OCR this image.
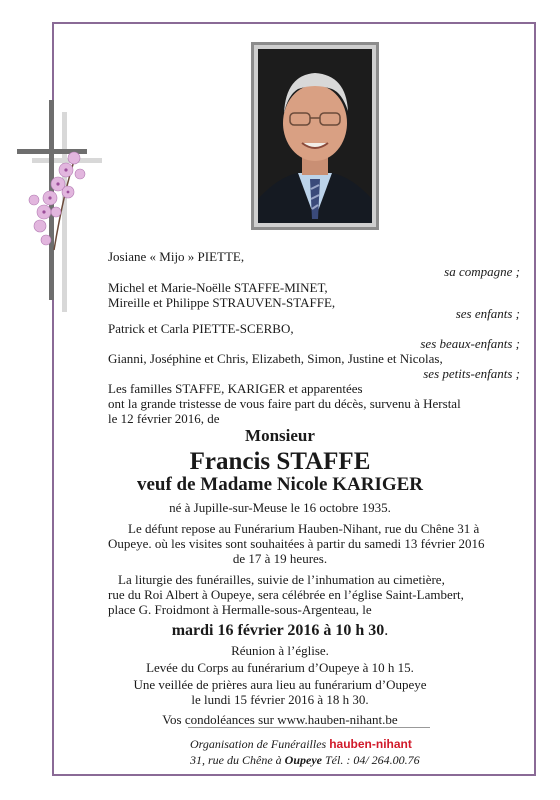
Josiane « Mijo » PIETTE,
sa compagne ;
Michel et Marie-Noëlle STAFFE-MINET,
Mireille et Philippe STRAUVEN-STAFFE,
ses enfants ;
Patrick et Carla PIETTE-SCERBO,
ses beaux-enfants ;
Gianni, Joséphine et Chris, Elizabeth, Simon, Justine et Nicolas,
ses petits-enfants ;
Les familles STAFFE, KARIGER et apparentées
ont la grande tristesse de vous faire part du décès, survenu à Herstal
le 12 février 2016, de
Monsieur
Francis STAFFE
veuf de Madame Nicole KARIGER
né à Jupille-sur-Meuse le 16 octobre 1935.
Le défunt repose au Funérarium Hauben-Nihant, rue du Chêne 31 à
Oupeye. où les visites sont souhaitées à partir du samedi 13 février 2016
de 17 à 19 heures.
La liturgie des funérailles, suivie de l’inhumation au cimetière,
rue du Roi Albert à Oupeye, sera célébrée en l’église Saint-Lambert,
place G. Froidmont à Hermalle-sous-Argenteau, le
mardi 16 février 2016 à 10 h 30.
Réunion à l’église.
Levée du Corps au funérarium d’Oupeye à 10 h 15.
Une veillée de prières aura lieu au funérarium d’Oupeye
le lundi 15 février 2016 à 18 h 30.
Vos condoléances sur www.hauben-nihant.be
Organisation de Funérailles hauben-nihant
31, rue du Chêne à Oupeye Tél. : 04/ 264.00.76
